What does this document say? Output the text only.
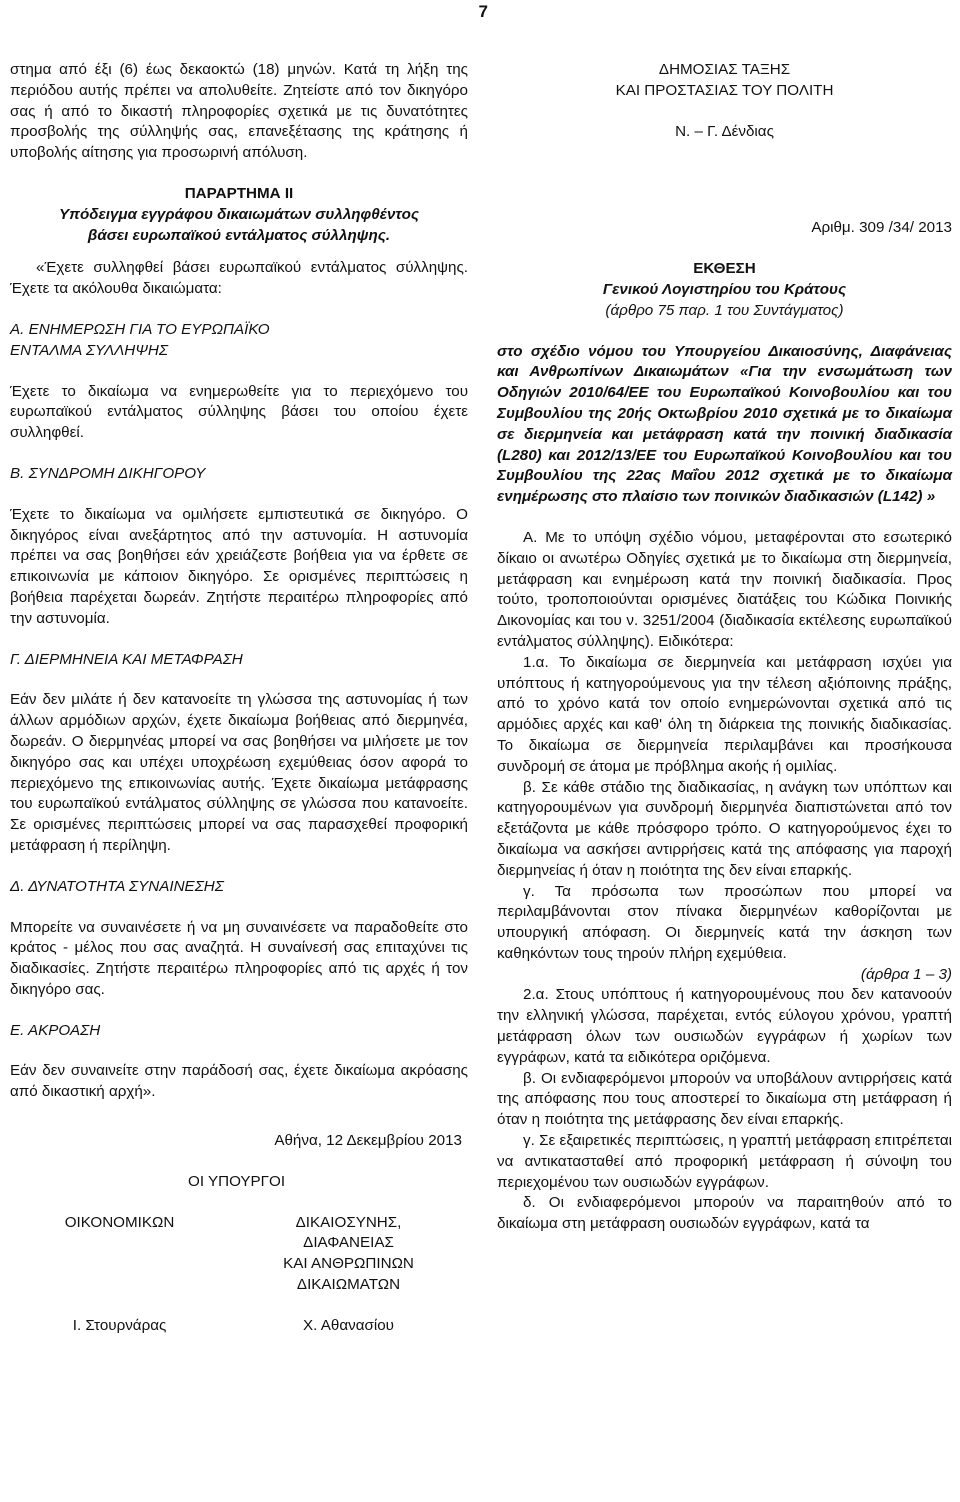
7

στημα από έξι (6) έως δεκαοκτώ (18) μηνών. Κατά τη λήξη της περιόδου αυτής πρέπει να απολυθείτε. Ζητείστε από τον δικηγόρο σας ή από το δικαστή πληροφορίες σχετικά με τις δυνατότητες προσβολής της σύλληψής σας, επανεξέτασης της κράτησης ή υποβολής αίτησης για προσωρινή απόλυση.

ΠΑΡΑΡΤΗΜΑ ΙΙ

Υπόδειγμα εγγράφου δικαιωμάτων συλληφθέντος

βάσει ευρωπαϊκού εντάλματος σύλληψης.

«Έχετε συλληφθεί βάσει ευρωπαϊκού εντάλματος σύλληψης. Έχετε τα ακόλουθα δικαιώματα:

Α. ΕΝΗΜΕΡΩΣΗ ΓΙΑ ΤΟ ΕΥΡΩΠΑΪΚΟ

ΕΝΤΑΛΜΑ ΣΥΛΛΗΨΗΣ

Έχετε το δικαίωμα να ενημερωθείτε για το περιεχόμενο του ευρωπαϊκού εντάλματος σύλληψης βάσει του οποίου έχετε συλληφθεί.

Β. ΣΥΝΔΡΟΜΗ ΔΙΚΗΓΟΡΟΥ

Έχετε το δικαίωμα να ομιλήσετε εμπιστευτικά σε δικηγόρο. Ο δικηγόρος είναι ανεξάρτητος από την αστυνομία. Η αστυνομία πρέπει να σας βοηθήσει εάν χρειάζεστε βοήθεια για να έρθετε σε επικοινωνία με κάποιον δικηγόρο. Σε ορισμένες περιπτώσεις η βοήθεια παρέχεται δωρεάν. Ζητήστε περαιτέρω πληροφορίες από την αστυνομία.

Γ. ΔΙΕΡΜΗΝΕΙΑ ΚΑΙ ΜΕΤΑΦΡΑΣΗ

Εάν δεν μιλάτε ή δεν κατανοείτε τη γλώσσα της αστυνομίας ή των άλλων αρμόδιων αρχών, έχετε δικαίωμα βοήθειας από διερμηνέα, δωρεάν. Ο διερμηνέας μπορεί να σας βοηθήσει να μιλήσετε με τον δικηγόρο σας και υπέχει υποχρέωση εχεμύθειας όσον αφορά το περιεχόμενο της επικοινωνίας αυτής. Έχετε δικαίωμα μετάφρασης του ευρωπαϊκού εντάλματος σύλληψης σε γλώσσα που κατανοείτε. Σε ορισμένες περιπτώσεις μπορεί να σας παρασχεθεί προφορική μετάφραση ή περίληψη.

Δ. ΔΥΝΑΤΟΤΗΤΑ ΣΥΝΑΙΝΕΣΗΣ

Μπορείτε να συναινέσετε ή να μη συναινέσετε να παραδοθείτε στο κράτος - μέλος που σας αναζητά. Η συναίνεσή σας επιταχύνει τις διαδικασίες. Ζητήστε περαιτέρω πληροφορίες από τις αρχές ή τον δικηγόρο σας.

Ε. ΑΚΡΟΑΣΗ

Εάν δεν συναινείτε στην παράδοσή σας, έχετε δικαίωμα ακρόασης από δικαστική αρχή».

Αθήνα, 12 Δεκεμβρίου 2013

ΟΙ ΥΠΟΥΡΓΟΙ

ΟΙΚΟΝΟΜΙΚΩΝ	ΔΙΚΑΙΟΣΥΝΗΣ,

ΔΙΑΦΑΝΕΙΑΣ

ΚΑΙ ΑΝΘΡΩΠΙΝΩΝ

ΔΙΚΑΙΩΜΑΤΩΝ

Ι. Στουρνάρας	Χ. Αθανασίου

ΔΗΜΟΣΙΑΣ ΤΑΞΗΣ

ΚΑΙ ΠΡΟΣΤΑΣΙΑΣ ΤΟΥ ΠΟΛΙΤΗ

Ν. – Γ. Δένδιας

Αριθμ. 309 /34/ 2013

ΕΚΘΕΣΗ

Γενικού Λογιστηρίου του Κράτους

(άρθρο 75 παρ. 1 του Συντάγματος)

στο σχέδιο νόμου του Υπουργείου Δικαιοσύνης, Διαφάνειας και Ανθρωπίνων Δικαιωμάτων «Για την ενσωμάτωση των Οδηγιών 2010/64/ΕΕ του Ευρωπαϊκού Κοινοβουλίου και του Συμβουλίου της 20ής Οκτωβρίου 2010 σχετικά με το δικαίωμα σε διερμηνεία και μετάφραση κατά την ποινική διαδικασία (L280) και 2012/13/ΕΕ του Ευρωπαϊκού Κοινοβουλίου και του Συμβουλίου της 22ας Μαΐου 2012 σχετικά με το δικαίωμα ενημέρωσης στο πλαίσιο των ποινικών διαδικασιών (L142) »

Α. Με το υπόψη σχέδιο νόμου, μεταφέρονται στο εσωτερικό δίκαιο οι ανωτέρω Οδηγίες σχετικά με το δικαίωμα στη διερμηνεία, μετάφραση και ενημέρωση κατά την ποινική διαδικασία. Προς τούτο, τροποποιούνται ορισμένες διατάξεις του Κώδικα Ποινικής Δικονομίας και του ν. 3251/2004 (διαδικασία εκτέλεσης ευρωπαϊκού εντάλματος σύλληψης). Ειδικότερα:

1.α. Το δικαίωμα σε διερμηνεία και μετάφραση ισχύει για υπόπτους ή κατηγορούμενους για την τέλεση αξιόποινης πράξης, από το χρόνο κατά τον οποίο ενημερώνονται σχετικά από τις αρμόδιες αρχές και καθ' όλη τη διάρκεια της ποινικής διαδικασίας. Το δικαίωμα σε διερμηνεία περιλαμβάνει και προσήκουσα συνδρομή σε άτομα με πρόβλημα ακοής ή ομιλίας.

β. Σε κάθε στάδιο της διαδικασίας, η ανάγκη των υπόπτων και κατηγορουμένων για συνδρομή διερμηνέα διαπιστώνεται από τον εξετάζοντα με κάθε πρόσφορο τρόπο. Ο κατηγορούμενος έχει το δικαίωμα να ασκήσει αντιρρήσεις κατά της απόφασης για παροχή διερμηνείας ή όταν η ποιότητα της δεν είναι επαρκής.

γ. Τα πρόσωπα των προσώπων που μπορεί να περιλαμβάνονται στον πίνακα διερμηνέων καθορίζονται με υπουργική απόφαση. Οι διερμηνείς κατά την άσκηση των καθηκόντων τους τηρούν πλήρη εχεμύθεια.

(άρθρα 1 – 3)

2.α. Στους υπόπτους ή κατηγορουμένους που δεν κατανοούν την ελληνική γλώσσα, παρέχεται, εντός εύλογου χρόνου, γραπτή μετάφραση όλων των ουσιωδών εγγράφων ή χωρίων των εγγράφων, κατά τα ειδικότερα οριζόμενα.

β. Οι ενδιαφερόμενοι μπορούν να υποβάλουν αντιρρήσεις κατά της απόφασης που τους αποστερεί το δικαίωμα στη μετάφραση ή όταν η ποιότητα της μετάφρασης δεν είναι επαρκής.

γ. Σε εξαιρετικές περιπτώσεις, η γραπτή μετάφραση επιτρέπεται να αντικατασταθεί από προφορική μετάφραση ή σύνοψη του περιεχομένου των ουσιωδών εγγράφων.

δ. Οι ενδιαφερόμενοι μπορούν να παραιτηθούν από το δικαίωμα στη μετάφραση ουσιωδών εγγράφων, κατά τα
